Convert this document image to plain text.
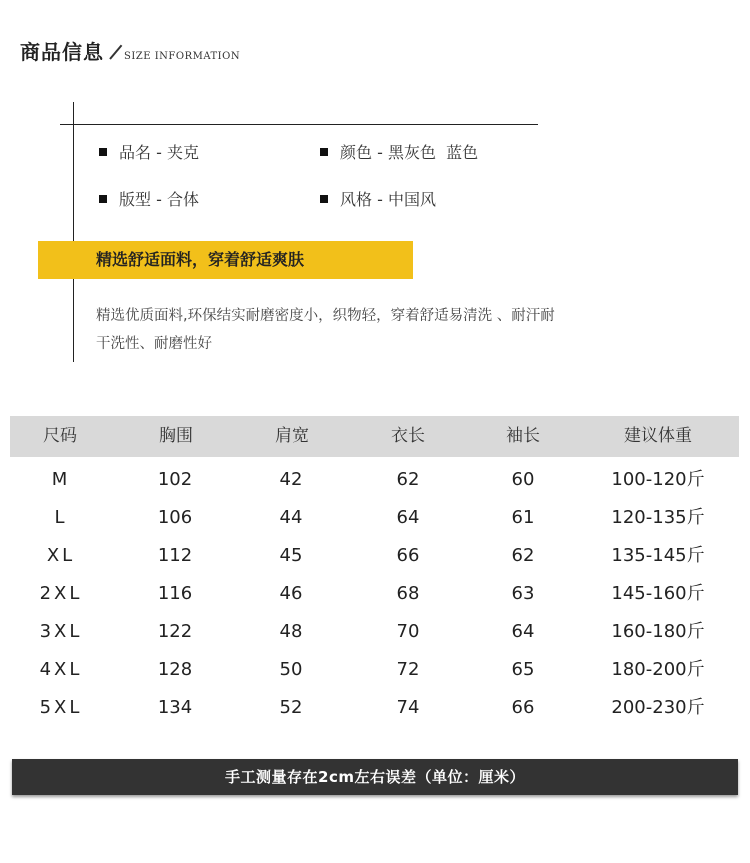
商品信息 SIZE INFORMATION
品名 - 夹克	颜色 - 黑灰色  蓝色
版型 - 合体	风格 - 中国风
精选舒适面料，穿着舒适爽肤
精选优质面料,环保结实耐磨密度小，织物轻，穿着舒适易清洗 、耐汗耐
干洗性、耐磨性好
尺码	胸围	肩宽	衣长	袖长	建议体重
M	102	42	62	60	100-120斤
L	106	44	64	61	120-135斤
XL	112	45	66	62	135-145斤
2XL	116	46	68	63	145-160斤
3XL	122	48	70	64	160-180斤
4XL	128	50	72	65	180-200斤
5XL	134	52	74	66	200-230斤
手工测量存在2cm左右误差（单位：厘米）
